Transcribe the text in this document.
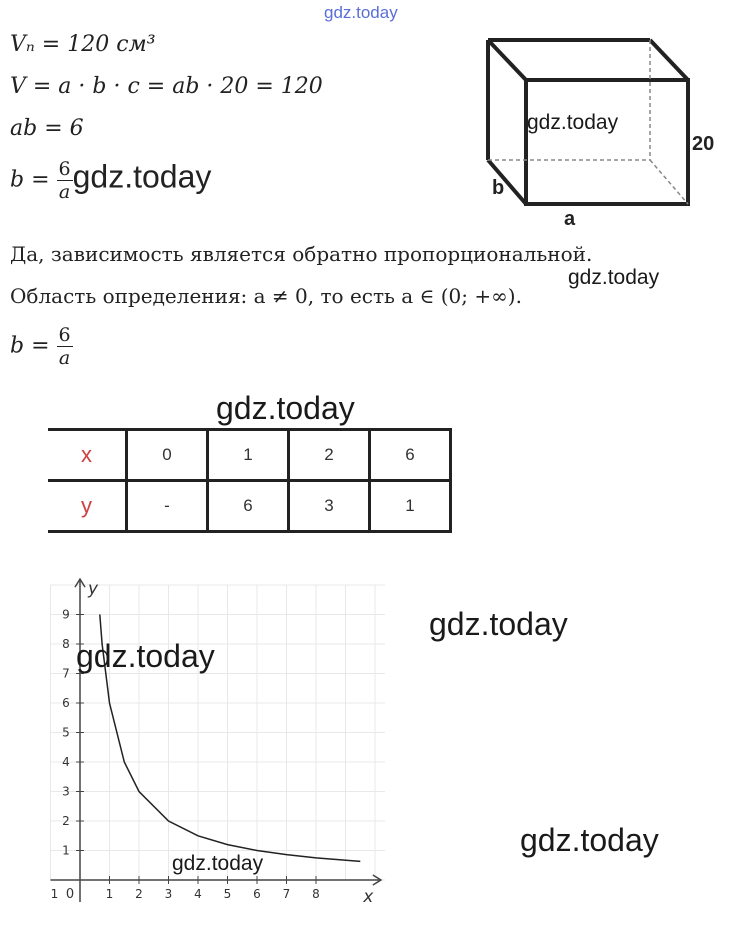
gdz.today
Vₙ = 120 см³
V = a · b · c = ab · 20 = 120
ab = 6
$b = \frac{6}{a}$ gdz.today	b
a
20
gdz.today
Да, зависимость является обратно пропорциональной.
gdz.today
Область определения: a ≠ 0, то есть a ∈ (0; +∞).
$b = \frac{6}{a}$
gdz.today
x	0	1	2	6
y	-	6	3	1
1 2 3 4 5 6 7 8
1
2
3
4
5
6
7
8
9
1 0	x
y
gdz.today
gdz.today
gdz.today
gdz.today
